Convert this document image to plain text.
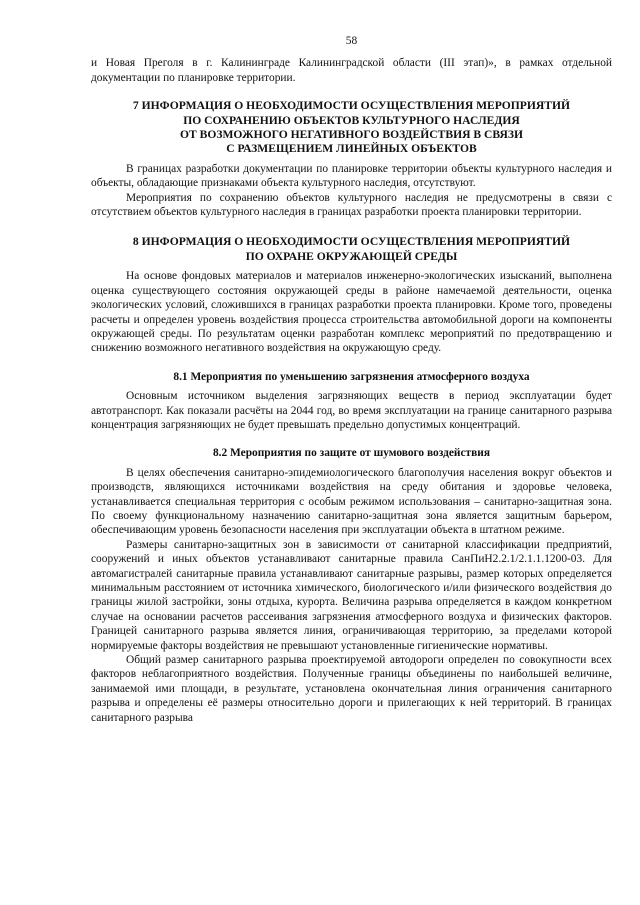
58

и Новая Преголя в г. Калининграде Калининградской области (III этап)», в рамках отдельной документации по планировке территории.

7 ИНФОРМАЦИЯ О НЕОБХОДИМОСТИ ОСУЩЕСТВЛЕНИЯ МЕРОПРИЯТИЙ
ПО СОХРАНЕНИЮ ОБЪЕКТОВ КУЛЬТУРНОГО НАСЛЕДИЯ
ОТ ВОЗМОЖНОГО НЕГАТИВНОГО ВОЗДЕЙСТВИЯ В СВЯЗИ
С РАЗМЕЩЕНИЕМ ЛИНЕЙНЫХ ОБЪЕКТОВ

В границах разработки документации по планировке территории объекты культурного наследия и объекты, обладающие признаками объекта культурного наследия, отсутствуют.

Мероприятия по сохранению объектов культурного наследия не предусмотрены в связи с отсутствием объектов культурного наследия в границах разработки проекта планировки территории.

8 ИНФОРМАЦИЯ О НЕОБХОДИМОСТИ ОСУЩЕСТВЛЕНИЯ МЕРОПРИЯТИЙ
ПО ОХРАНЕ ОКРУЖАЮЩЕЙ СРЕДЫ

На основе фондовых материалов и материалов инженерно-экологических изысканий, выполнена оценка существующего состояния окружающей среды в районе намечаемой деятельности, оценка экологических условий, сложившихся в границах разработки проекта планировки. Кроме того, проведены расчеты и определен уровень воздействия процесса строительства автомобильной дороги на компоненты окружающей среды. По результатам оценки разработан комплекс мероприятий по предотвращению и снижению возможного негативного воздействия на окружающую среду.

8.1 Мероприятия по уменьшению загрязнения атмосферного воздуха

Основным источником выделения загрязняющих веществ в период эксплуатации будет автотранспорт. Как показали расчёты на 2044 год, во время эксплуатации на границе санитарного разрыва концентрация загрязняющих не будет превышать предельно допустимых концентраций.

8.2 Мероприятия по защите от шумового воздействия

В целях обеспечения санитарно-эпидемиологического благополучия населения вокруг объектов и производств, являющихся источниками воздействия на среду обитания и здоровье человека, устанавливается специальная территория с особым режимом использования – санитарно-защитная зона. По своему функциональному назначению санитарно-защитная зона является защитным барьером, обеспечивающим уровень безопасности населения при эксплуатации объекта в штатном режиме.

Размеры санитарно-защитных зон в зависимости от санитарной классификации предприятий, сооружений и иных объектов устанавливают санитарные правила СанПиН2.2.1/2.1.1.1200-03. Для автомагистралей санитарные правила устанавливают санитарные разрывы, размер которых определяется минимальным расстоянием от источника химического, биологического и/или физического воздействия до границы жилой застройки, зоны отдыха, курорта. Величина разрыва определяется в каждом конкретном случае на основании расчетов рассеивания загрязнения атмосферного воздуха и физических факторов. Границей санитарного разрыва является линия, ограничивающая территорию, за пределами которой нормируемые факторы воздействия не превышают установленные гигиенические нормативы.

Общий размер санитарного разрыва проектируемой автодороги определен по совокупности всех факторов неблагоприятного воздействия. Полученные границы объединены по наибольшей величине, занимаемой ими площади, в результате, установлена окончательная линия ограничения санитарного разрыва и определены её размеры относительно дороги и прилегающих к ней территорий. В границах санитарного разрыва
